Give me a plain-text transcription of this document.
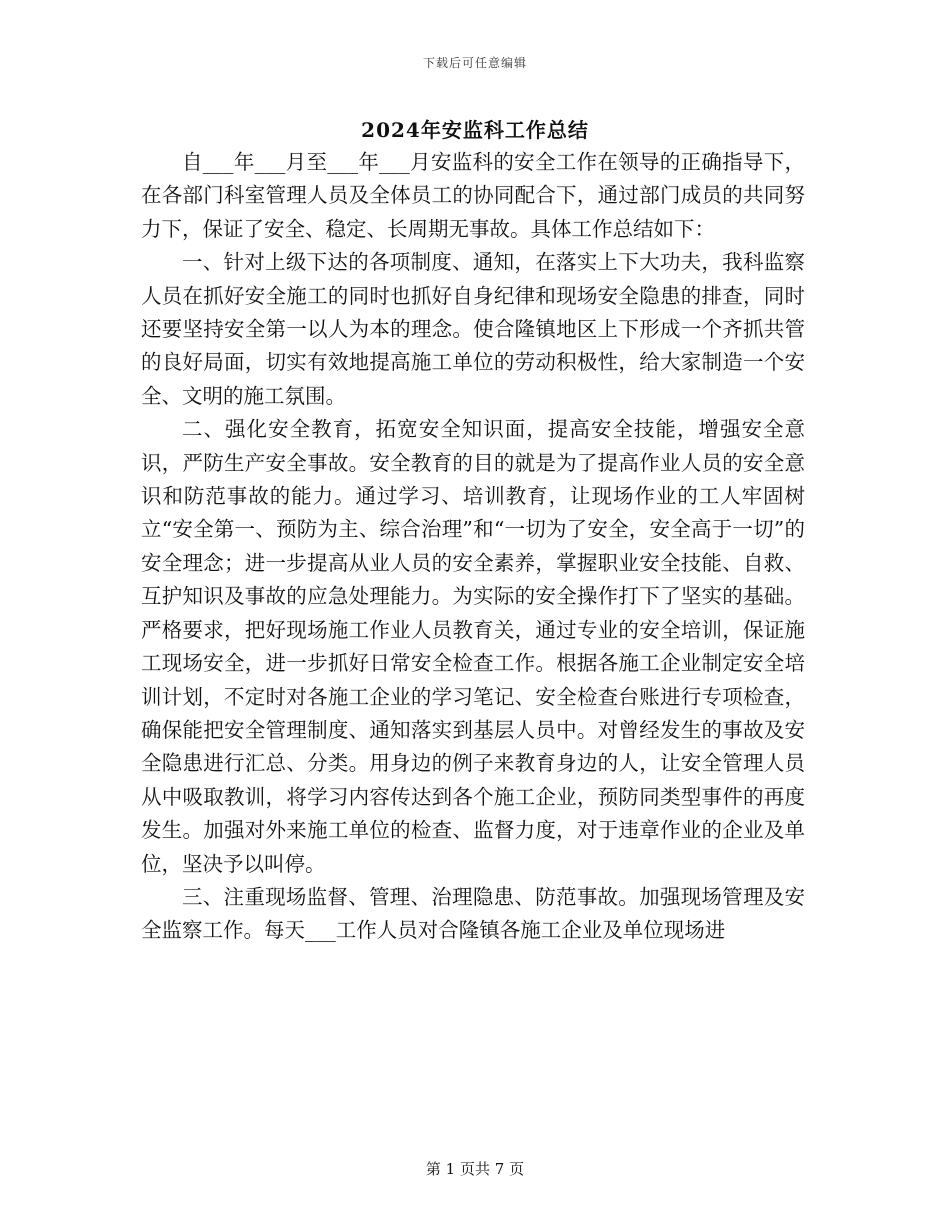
下载后可任意编辑
2024年安监科工作总结

自___年___月至___年___月安监科的安全工作在领导的正确指导下，在各部门科室管理人员及全体员工的协同配合下，通过部门成员的共同努力下，保证了安全、稳定、长周期无事故。具体工作总结如下：

一、针对上级下达的各项制度、通知，在落实上下大功夫，我科监察人员在抓好安全施工的同时也抓好自身纪律和现场安全隐患的排查，同时还要坚持安全第一以人为本的理念。使合隆镇地区上下形成一个齐抓共管的良好局面，切实有效地提高施工单位的劳动积极性，给大家制造一个安全、文明的施工氛围。

二、强化安全教育，拓宽安全知识面，提高安全技能，增强安全意识，严防生产安全事故。安全教育的目的就是为了提高作业人员的安全意识和防范事故的能力。通过学习、培训教育，让现场作业的工人牢固树立“安全第一、预防为主、综合治理”和“一切为了安全，安全高于一切”的安全理念；进一步提高从业人员的安全素养，掌握职业安全技能、自救、互护知识及事故的应急处理能力。为实际的安全操作打下了坚实的基础。严格要求，把好现场施工作业人员教育关，通过专业的安全培训，保证施工现场安全，进一步抓好日常安全检查工作。根据各施工企业制定安全培训计划，不定时对各施工企业的学习笔记、安全检查台账进行专项检查，确保能把安全管理制度、通知落实到基层人员中。对曾经发生的事故及安全隐患进行汇总、分类。用身边的例子来教育身边的人，让安全管理人员从中吸取教训，将学习内容传达到各个施工企业，预防同类型事件的再度发生。加强对外来施工单位的检查、监督力度，对于违章作业的企业及单位，坚决予以叫停。

三、注重现场监督、管理、治理隐患、防范事故。加强现场管理及安全监察工作。每天___工作人员对合隆镇各施工企业及单位现场进

第 1 页共 7 页
